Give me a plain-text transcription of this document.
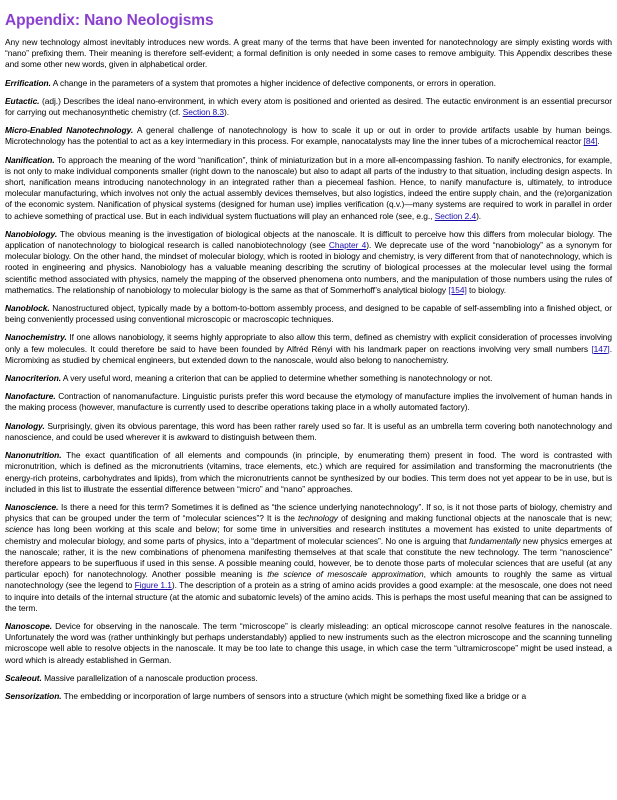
Appendix: Nano Neologisms

Any new technology almost inevitably introduces new words. A great many of the terms that have been invented for nanotechnology are simply existing words with “nano” prefixing them. Their meaning is therefore self-evident; a formal definition is only needed in some cases to remove ambiguity. This Appendix describes these and some other new words, given in alphabetical order.

Errification. A change in the parameters of a system that promotes a higher incidence of defective components, or errors in operation.

Eutactic. (adj.) Describes the ideal nano-environment, in which every atom is positioned and oriented as desired. The eutactic environment is an essential precursor for carrying out mechanosynthetic chemistry (cf. Section 8.3).

Micro-Enabled Nanotechnology. A general challenge of nanotechnology is how to scale it up or out in order to provide artifacts usable by human beings. Microtechnology has the potential to act as a key intermediary in this process. For example, nanocatalysts may line the inner tubes of a microchemical reactor [84].

Nanification. To approach the meaning of the word “nanification”, think of miniaturization but in a more all-encompassing fashion. To nanify electronics, for example, is not only to make individual components smaller (right down to the nanoscale) but also to adapt all parts of the industry to that situation, including design aspects. In short, nanification means introducing nanotechnology in an integrated rather than a piecemeal fashion. Hence, to nanify manufacture is, ultimately, to introduce molecular manufacturing, which involves not only the actual assembly devices themselves, but also logistics, indeed the entire supply chain, and the (re)organization of the economic system. Nanification of physical systems (designed for human use) implies verification (q.v.)—many systems are required to work in parallel in order to achieve something of practical use. But in each individual system fluctuations will play an enhanced role (see, e.g., Section 2.4).

Nanobiology. The obvious meaning is the investigation of biological objects at the nanoscale. It is difficult to perceive how this differs from molecular biology. The application of nanotechnology to biological research is called nanobiotechnology (see Chapter 4). We deprecate use of the word “nanobiology” as a synonym for molecular biology. On the other hand, the mindset of molecular biology, which is rooted in biology and chemistry, is very different from that of nanotechnology, which is rooted in engineering and physics. Nanobiology has a valuable meaning describing the scrutiny of biological processes at the molecular level using the formal scientific method associated with physics, namely the mapping of the observed phenomena onto numbers, and the manipulation of those numbers using the rules of mathematics. The relationship of nanobiology to molecular biology is the same as that of Sommerhoff’s analytical biology [154] to biology.

Nanoblock. Nanostructured object, typically made by a bottom-to-bottom assembly process, and designed to be capable of self-assembling into a finished object, or being conveniently processed using conventional microscopic or macroscopic techniques.

Nanochemistry. If one allows nanobiology, it seems highly appropriate to also allow this term, defined as chemistry with explicit consideration of processes involving only a few molecules. It could therefore be said to have been founded by Alfréd Rényi with his landmark paper on reactions involving very small numbers [147]. Micromixing as studied by chemical engineers, but extended down to the nanoscale, would also belong to nanochemistry.

Nanocriterion. A very useful word, meaning a criterion that can be applied to determine whether something is nanotechnology or not.

Nanofacture. Contraction of nanomanufacture. Linguistic purists prefer this word because the etymology of manufacture implies the involvement of human hands in the making process (however, manufacture is currently used to describe operations taking place in a wholly automated factory).

Nanology. Surprisingly, given its obvious parentage, this word has been rather rarely used so far. It is useful as an umbrella term covering both nanotechnology and nanoscience, and could be used wherever it is awkward to distinguish between them.

Nanonutrition. The exact quantification of all elements and compounds (in principle, by enumerating them) present in food. The word is contrasted with micronutrition, which is defined as the micronutrients (vitamins, trace elements, etc.) which are required for assimilation and transforming the macronutrients (the energy-rich proteins, carbohydrates and lipids), from which the micronutrients cannot be synthesized by our bodies. This term does not yet appear to be in use, but is included in this list to illustrate the essential difference between “micro” and “nano” approaches.

Nanoscience. Is there a need for this term? Sometimes it is defined as “the science underlying nanotechnology”. If so, is it not those parts of biology, chemistry and physics that can be grouped under the term of “molecular sciences”? It is the technology of designing and making functional objects at the nanoscale that is new; science has long been working at this scale and below; for some time in universities and research institutes a movement has existed to unite departments of chemistry and molecular biology, and some parts of physics, into a “department of molecular sciences”. No one is arguing that fundamentally new physics emerges at the nanoscale; rather, it is the new combinations of phenomena manifesting themselves at that scale that constitute the new technology. The term “nanoscience” therefore appears to be superfluous if used in this sense. A possible meaning could, however, be to denote those parts of molecular sciences that are useful (at any particular epoch) for nanotechnology. Another possible meaning is the science of mesoscale approximation, which amounts to roughly the same as virtual nanotechnology (see the legend to Figure 1.1). The description of a protein as a string of amino acids provides a good example: at the mesoscale, one does not need to inquire into details of the internal structure (at the atomic and subatomic levels) of the amino acids. This is perhaps the most useful meaning that can be assigned to the term.

Nanoscope. Device for observing in the nanoscale. The term “microscope” is clearly misleading: an optical microscope cannot resolve features in the nanoscale. Unfortunately the word was (rather unthinkingly but perhaps understandably) applied to new instruments such as the electron microscope and the scanning tunneling microscope well able to resolve objects in the nanoscale. It may be too late to change this usage, in which case the term “ultramicroscope” might be used instead, a word which is already established in German.

Scaleout. Massive parallelization of a nanoscale production process.

Sensorization. The embedding or incorporation of large numbers of sensors into a structure (which might be something fixed like a bridge or a
